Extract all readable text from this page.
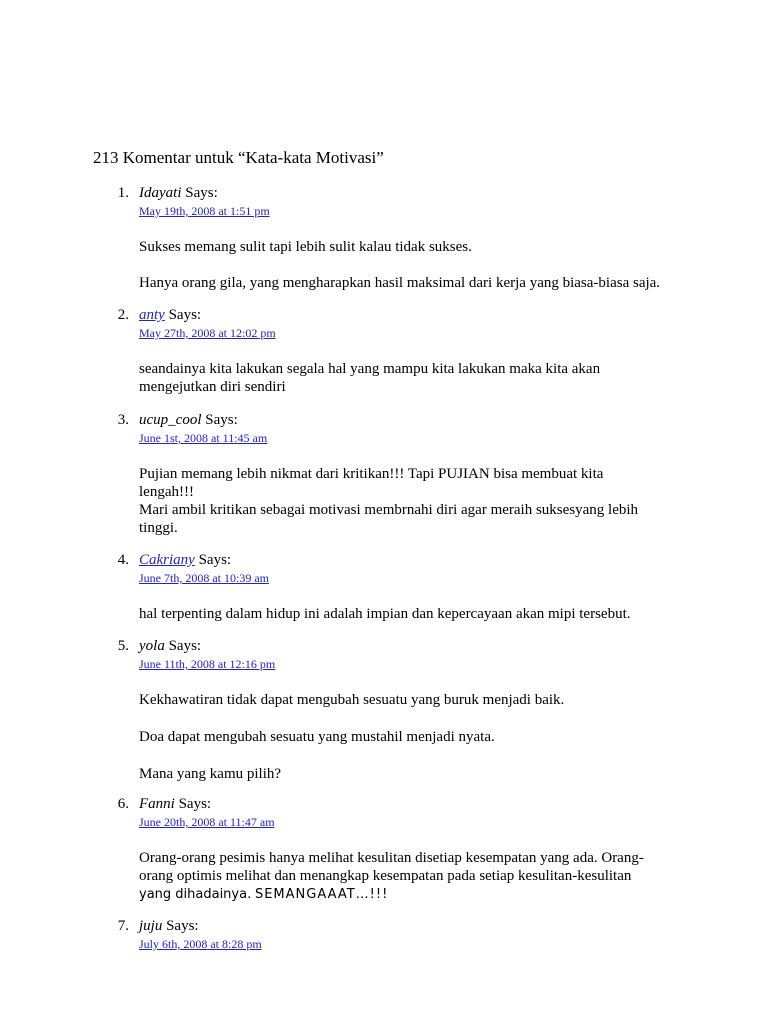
213 Komentar untuk “Kata-kata Motivasi”
1. Idayati Says:
May 19th, 2008 at 1:51 pm

Sukses memang sulit tapi lebih sulit kalau tidak sukses.

Hanya orang gila, yang mengharapkan hasil maksimal dari kerja yang biasa-biasa saja.

2. anty Says:
May 27th, 2008 at 12:02 pm

seandainya kita lakukan segala hal yang mampu kita lakukan maka kita akan mengejutkan diri sendiri

3. ucup_cool Says:
June 1st, 2008 at 11:45 am

Pujian memang lebih nikmat dari kritikan!!! Tapi PUJIAN bisa membuat kita lengah!!!

Mari ambil kritikan sebagai motivasi membrnahi diri agar meraih suksesyang lebih tinggi.

4. Cakriany Says:
June 7th, 2008 at 10:39 am

hal terpenting dalam hidup ini adalah impian dan kepercayaan akan mipi tersebut.

5. yola Says:
June 11th, 2008 at 12:16 pm

Kekhawatiran tidak dapat mengubah sesuatu yang buruk menjadi baik.

Doa dapat mengubah sesuatu yang mustahil menjadi nyata.

Mana yang kamu pilih?

6. Fanni Says:
June 20th, 2008 at 11:47 am

Orang-orang pesimis hanya melihat kesulitan disetiap kesempatan yang ada. Orang-orang optimis melihat dan menangkap kesempatan pada setiap kesulitan-kesulitan

yang dihadainya. SEMANGAAAT…!!!

7. juju Says:
July 6th, 2008 at 8:28 pm
